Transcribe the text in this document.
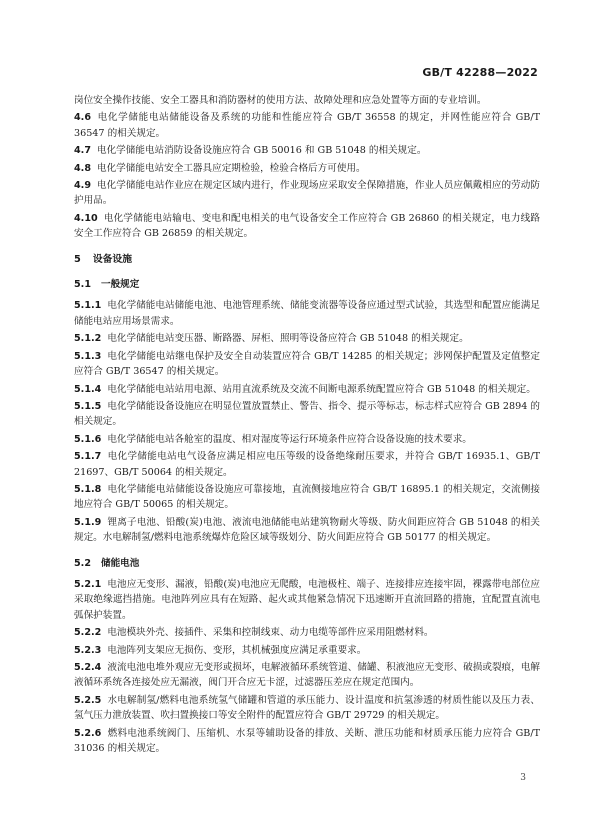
GB/T 42288—2022

岗位安全操作技能、安全工器具和消防器材的使用方法、故障处理和应急处置等方面的专业培训。

4.6 电化学储能电站储能设备及系统的功能和性能应符合 GB/T 36558 的规定，并网性能应符合 GB/T 36547 的相关规定。

4.7 电化学储能电站消防设备设施应符合 GB 50016 和 GB 51048 的相关规定。

4.8 电化学储能电站安全工器具应定期检验，检验合格后方可使用。

4.9 电化学储能电站作业应在规定区域内进行，作业现场应采取安全保障措施，作业人员应佩戴相应的劳动防护用品。

4.10 电化学储能电站输电、变电和配电相关的电气设备安全工作应符合 GB 26860 的相关规定，电力线路安全工作应符合 GB 26859 的相关规定。

5 设备设施
5.1 一般规定

5.1.1 电化学储能电站储能电池、电池管理系统、储能变流器等设备应通过型式试验，其选型和配置应能满足储能电站应用场景需求。

5.1.2 电化学储能电站变压器、断路器、屏柜、照明等设备应符合 GB 51048 的相关规定。

5.1.3 电化学储能电站继电保护及安全自动装置应符合 GB/T 14285 的相关规定；涉网保护配置及定值整定应符合 GB/T 36547 的相关规定。

5.1.4 电化学储能电站站用电源、站用直流系统及交流不间断电源系统配置应符合 GB 51048 的相关规定。

5.1.5 电化学储能设备设施应在明显位置放置禁止、警告、指令、提示等标志，标志样式应符合 GB 2894 的相关规定。

5.1.6 电化学储能电站各舱室的温度、相对湿度等运行环境条件应符合设备设施的技术要求。

5.1.7 电化学储能电站电气设备应满足相应电压等级的设备绝缘耐压要求，并符合 GB/T 16935.1、GB/T 21697、GB/T 50064 的相关规定。

5.1.8 电化学储能电站储能设备设施应可靠接地，直流侧接地应符合 GB/T 16895.1 的相关规定，交流侧接地应符合 GB/T 50065 的相关规定。

5.1.9 锂离子电池、铅酸(炭)电池、液流电池储能电站建筑物耐火等级、防火间距应符合 GB 51048 的相关规定。水电解制氢/燃料电池系统爆炸危险区域等级划分、防火间距应符合 GB 50177 的相关规定。

5.2 储能电池

5.2.1 电池应无变形、漏液，铅酸(炭)电池应无爬酸，电池极柱、端子、连接排应连接牢固，裸露带电部位应采取绝缘遮挡措施。电池阵列应具有在短路、起火或其他紧急情况下迅速断开直流回路的措施，宜配置直流电弧保护装置。

5.2.2 电池模块外壳、接插件、采集和控制线束、动力电缆等部件应采用阻燃材料。

5.2.3 电池阵列支架应无损伤、变形，其机械强度应满足承重要求。

5.2.4 液流电池电堆外观应无变形或损坏，电解液循环系统管道、储罐、积液池应无变形、破损或裂痕，电解液循环系统各连接处应无漏液，阀门开合应无卡涩，过滤器压差应在规定范围内。

5.2.5 水电解制氢/燃料电池系统氢气储罐和管道的承压能力、设计温度和抗氢渗透的材质性能以及压力表、氢气压力泄放装置、吹扫置换接口等安全附件的配置应符合 GB/T 29729 的相关规定。

5.2.6 燃料电池系统阀门、压缩机、水泵等辅助设备的排放、关断、泄压功能和材质承压能力应符合 GB/T 31036 的相关规定。

3
